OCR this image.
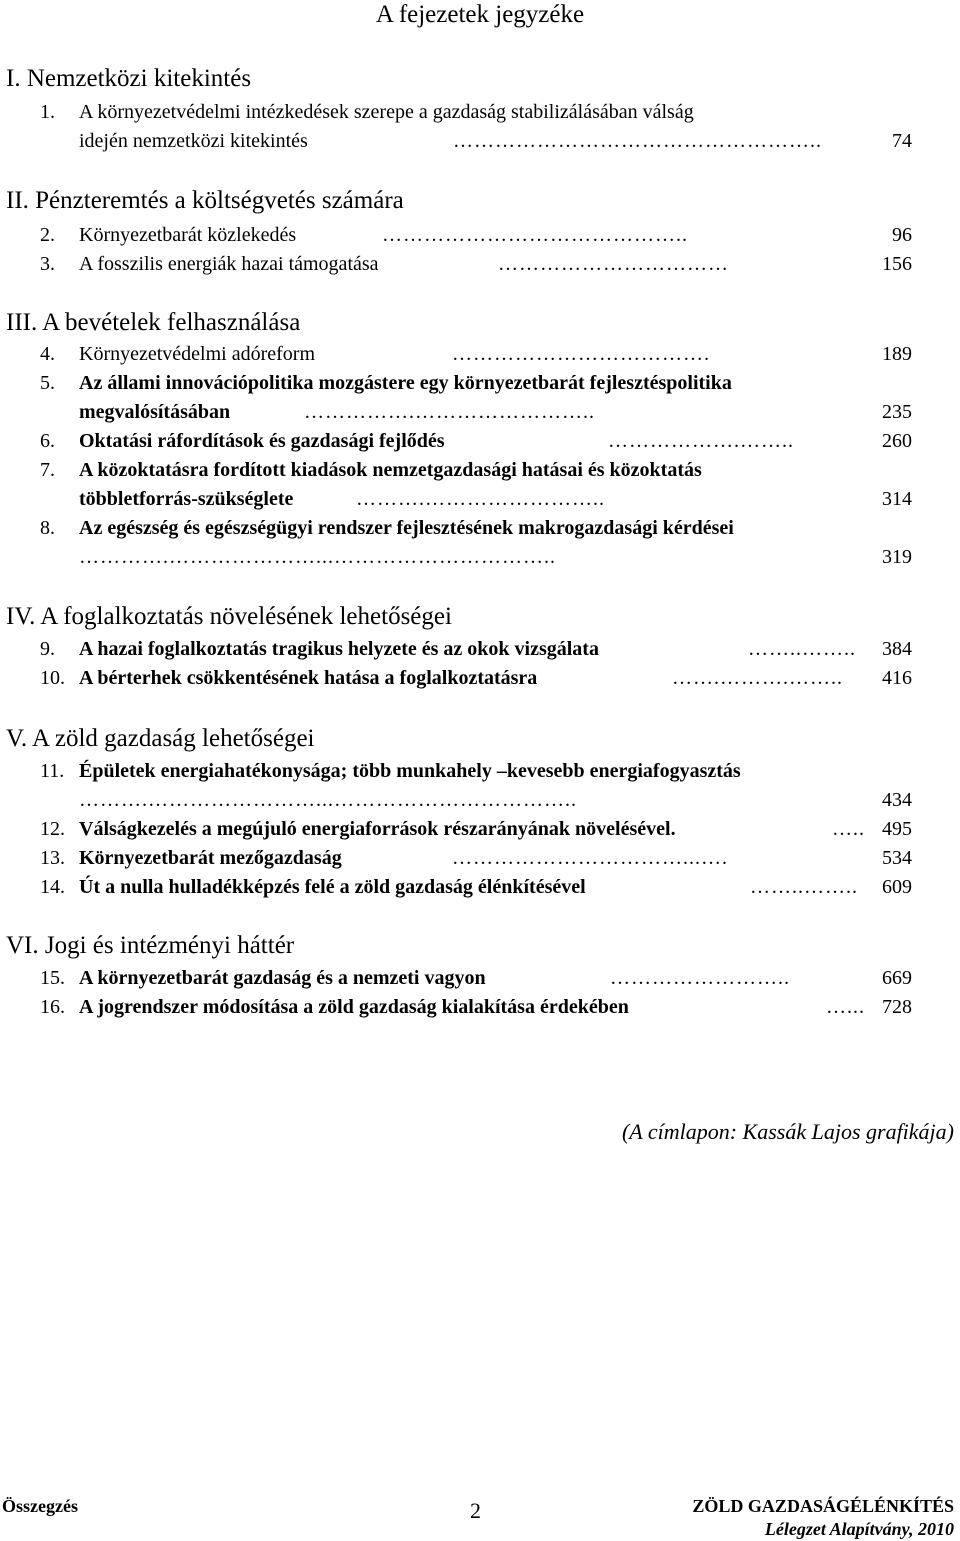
A fejezetek jegyzéke
I. Nemzetközi kitekintés
1. A környezetvédelmi intézkedések szerepe a gazdaság stabilizálásában válság
idején nemzetközi kitekintés	……………………………………………..	74
II. Pénzteremtés a költségvetés számára
2. Környezetbarát közlekedés	……………………………………..	96
3. A fosszilis energiák hazai támogatása	……………………………	156
III. A bevételek felhasználása
4. Környezetvédelmi adóreform	……………………………….	189
5. Az állami innovációpolitika mozgástere egy környezetbarát fejlesztéspolitika
megvalósításában	…………….……………………..	235
6. Oktatási ráfordítások és gazdasági fejlődés	……………….……..	260
7. A közoktatásra fordított kiadások nemzetgazdasági hatásai és közoktatás
többletforrás-szükséglete	……….……………………..	314
8. Az egészség és egészségügyi rendszer fejlesztésének makrogazdasági kérdései
………….…………………...…………………………..	319
IV. A foglalkoztatás növelésének lehetőségei
9. A hazai foglalkoztatás tragikus helyzete és az okok vizsgálata	……..……..	384
10. A bérterhek csökkentésének hatása a foglalkoztatásra	…….……….……..	416
V. A zöld gazdaság lehetőségei
11. Épületek energiahatékonysága; több munkahely –kevesebb energiafogyasztás
……….……………………...……………………………..	434
12. Válságkezelés a megújuló energiaforrások részarányának növelésével.	….. 495
13. Környezetbarát mezőgazdaság	……………………………...….	534
14. Út a nulla hulladékképzés felé a zöld gazdaság élénkítésével	……..……..	609
VI. Jogi és intézményi háttér
15. A környezetbarát gazdaság és a nemzeti vagyon	……………………..	669
16. A jogrendszer módosítása a zöld gazdaság kialakítása érdekében	…... 728
(A címlapon: Kassák Lajos grafikája)
Összegzés	2	ZÖLD GAZDASÁGÉLÉNKÍTÉS
Lélegzet Alapítvány, 2010
